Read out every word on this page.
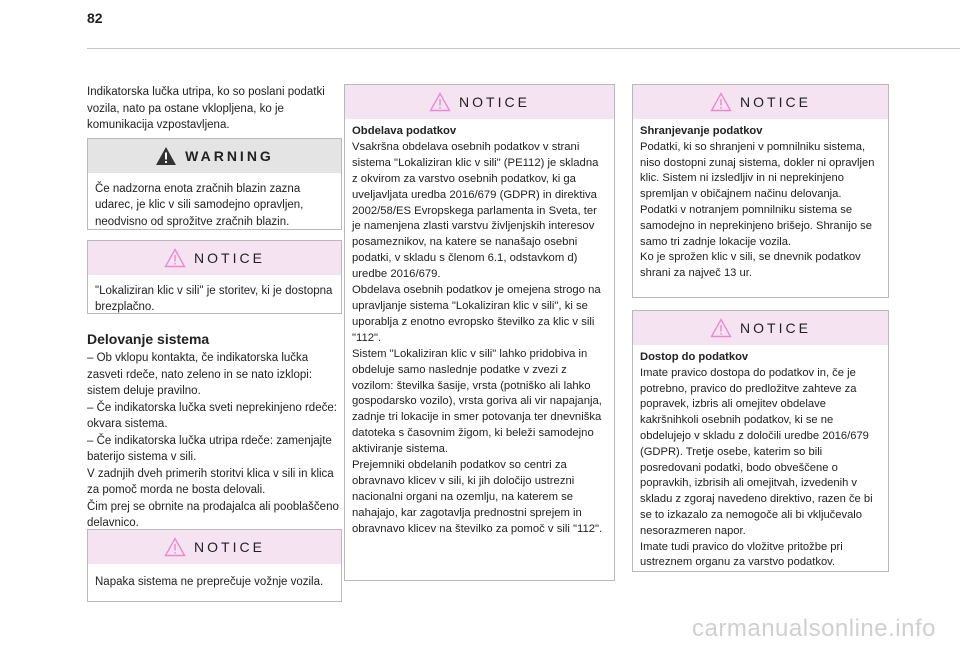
82
Indikatorska lučka utripa, ko so poslani podatki vozila, nato pa ostane vklopljena, ko je komunikacija vzpostavljena.
WARNING
Če nadzorna enota zračnih blazin zazna udarec, je klic v sili samodejno opravljen, neodvisno od sprožitve zračnih blazin.
NOTICE
"Lokaliziran klic v sili" je storitev, ki je dostopna brezplačno.
Delovanje sistema
– Ob vklopu kontakta, če indikatorska lučka zasveti rdeče, nato zeleno in se nato izklopi: sistem deluje pravilno.
– Če indikatorska lučka sveti neprekinjeno rdeče: okvara sistema.
– Če indikatorska lučka utripa rdeče: zamenjajte baterijo sistema v sili.
V zadnjih dveh primerih storitvi klica v sili in klica za pomoč morda ne bosta delovali.
Čim prej se obrnite na prodajalca ali pooblaščeno delavnico.
NOTICE
Napaka sistema ne preprečuje vožnje vozila.
NOTICE
Obdelava podatkov
Vsakršna obdelava osebnih podatkov v strani sistema "Lokaliziran klic v sili" (PE112) je skladna z okvirom za varstvo osebnih podatkov, ki ga uveljavljata uredba 2016/679 (GDPR) in direktiva 2002/58/ES Evropskega parlamenta in Sveta, ter je namenjena zlasti varstvu življenjskih interesov posameznikov, na katere se nanašajo osebni podatki, v skladu s členom 6.1, odstavkom d) uredbe 2016/679.
Obdelava osebnih podatkov je omejena strogo na upravljanje sistema "Lokaliziran klic v sili", ki se uporablja z enotno evropsko številko za klic v sili "112".
Sistem "Lokaliziran klic v sili" lahko pridobiva in obdeluje samo naslednje podatke v zvezi z vozilom: številka šasije, vrsta (potniško ali lahko gospodarsko vozilo), vrsta goriva ali vir napajanja, zadnje tri lokacije in smer potovanja ter dnevniška datoteka s časovnim žigom, ki beleži samodejno aktiviranje sistema.
Prejemniki obdelanih podatkov so centri za obravnavo klicev v sili, ki jih določijo ustrezni nacionalni organi na ozemlju, na katerem se nahajajo, kar zagotavlja prednostni sprejem in obravnavo klicev na številko za pomoč v sili "112".
NOTICE
Shranjevanje podatkov
Podatki, ki so shranjeni v pomnilniku sistema, niso dostopni zunaj sistema, dokler ni opravljen klic. Sistem ni izsledljiv in ni neprekinjeno spremljan v običajnem načinu delovanja.
Podatki v notranjem pomnilniku sistema se samodejno in neprekinjeno brišejo. Shranijo se samo tri zadnje lokacije vozila.
Ko je sprožen klic v sili, se dnevnik podatkov shrani za največ 13 ur.
NOTICE
Dostop do podatkov
Imate pravico dostopa do podatkov in, če je potrebno, pravico do predložitve zahteve za popravek, izbris ali omejitev obdelave kakršnihkoli osebnih podatkov, ki se ne obdelujejo v skladu z določili uredbe 2016/679 (GDPR). Tretje osebe, katerim so bili posredovani podatki, bodo obveščene o popravkih, izbrisih ali omejitvah, izvedenih v skladu z zgoraj navedeno direktivo, razen če bi se to izkazalo za nemogoče ali bi vključevalo nesorazmeren napor.
Imate tudi pravico do vložitve pritožbe pri ustreznem organu za varstvo podatkov.
carmanualsonline.info
